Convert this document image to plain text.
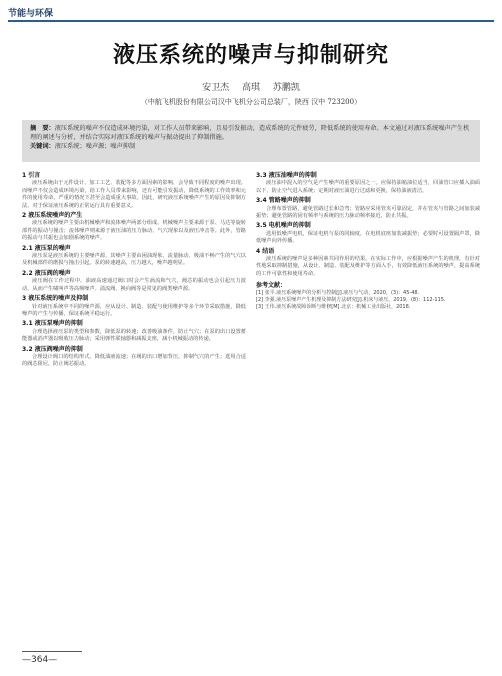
节能与环保
液压系统的噪声与抑制研究
安卫杰 高琪 苏鹏凯
（中航飞机股份有限公司汉中飞机分公司总装厂，陕西 汉中 723200）
摘　要：液压系统的噪声不仅造成环境污染，对工作人员带来影响，且易引发振动，造成系统的元件疲劳，降低系统的使用寿命。本文通过对液压系统噪声产生机理的阐述与分析，并结合实际对液压系统的噪声与振动提出了抑制措施。
关键词：液压系统；噪声源；噪声抑制
1 引言

液压系统由于元件设计、加工工艺、装配等多方面因素的影响，会导致不同程度的噪声出现。而噪声不仅会造成环境污染，给工作人员带来影响，还有可能引发振动，降低系统的工作效率和元件的使用寿命，严重的情况下甚至会造成重大事故。因此，研究液压系统噪声产生的原因及抑制方法，对于保证液压系统的正常运行具有重要意义。

2 液压系统噪声的产生

液压系统的噪声主要由机械噪声和流体噪声两部分组成。机械噪声主要来源于泵、马达等旋转部件的振动与撞击；流体噪声则来源于液压油的压力脉动、气穴现象以及液压冲击等。此外，管路的振动与共振也会加剧系统的噪声。

2.1 液压泵的噪声

液压泵是液压系统的主要噪声源，其噪声主要由困油现象、流量脉动、吸油不畅产生的气穴以及机械部件的磨损与撞击引起。泵的转速越高，压力越大，噪声越明显。

2.2 液压阀的噪声

液压阀在工作过程中，油液高速通过阀口时会产生涡流和气穴，阀芯的振动也会引起压力波动，从而产生啸叫声等高频噪声。溢流阀、换向阀等是常见的阀类噪声源。

3 液压系统的噪声及抑制

针对液压系统中不同的噪声源，应从设计、制造、装配与使用维护等多个环节采取措施，降低噪声的产生与传播，保证系统平稳运行。

3.1 液压泵噪声的抑制

合理选择液压泵的类型和参数，降低泵的转速；改善吸油条件，防止气穴；在泵的出口设置蓄能器或消声器以吸收压力脉动；采用弹性联轴器和减振支座，减小机械振动的传递。

3.2 液压阀噪声的抑制

合理设计阀口的结构形式，降低油液流速；在阀的出口增加背压，抑制气穴的产生；选用合适的阀芯阻尼，防止阀芯振动。

3.3 液压油噪声的抑制

液压油中混入的空气是产生噪声的重要原因之一。应保持油箱油位适当，回油管口应插入油面以下，防止空气进入系统；定期对液压油进行过滤和更换，保持油液清洁。

3.4 管路噪声的抑制

合理布置管路，避免管路过长和急弯；管路应采用管夹可靠固定，并在管夹与管路之间加装减振垫；避免管路的固有频率与系统的压力脉动频率接近，防止共振。

3.5 电机噪声的抑制

选用低噪声电机，保证电机与泵的同轴度，在电机底座加装减振垫；必要时可设置隔声罩，降低噪声向外传播。

4 结语

液压系统的噪声是多种因素共同作用的结果。在实际工作中，应根据噪声产生的机理，有针对性地采取抑制措施，从设计、制造、装配及维护等方面入手，有效降低液压系统的噪声，提高系统的工作可靠性和使用寿命。

参考文献：
[1] 张平.液压系统噪声的分析与控制[J].液压与气动，2020，(3)：45-48.
[2] 李强.液压泵噪声产生机理及抑制方法研究[J].机床与液压，2019，(8)：112-115.
[3] 王伟.液压系统故障诊断与维修[M].北京：机械工业出版社，2018.
—364—
